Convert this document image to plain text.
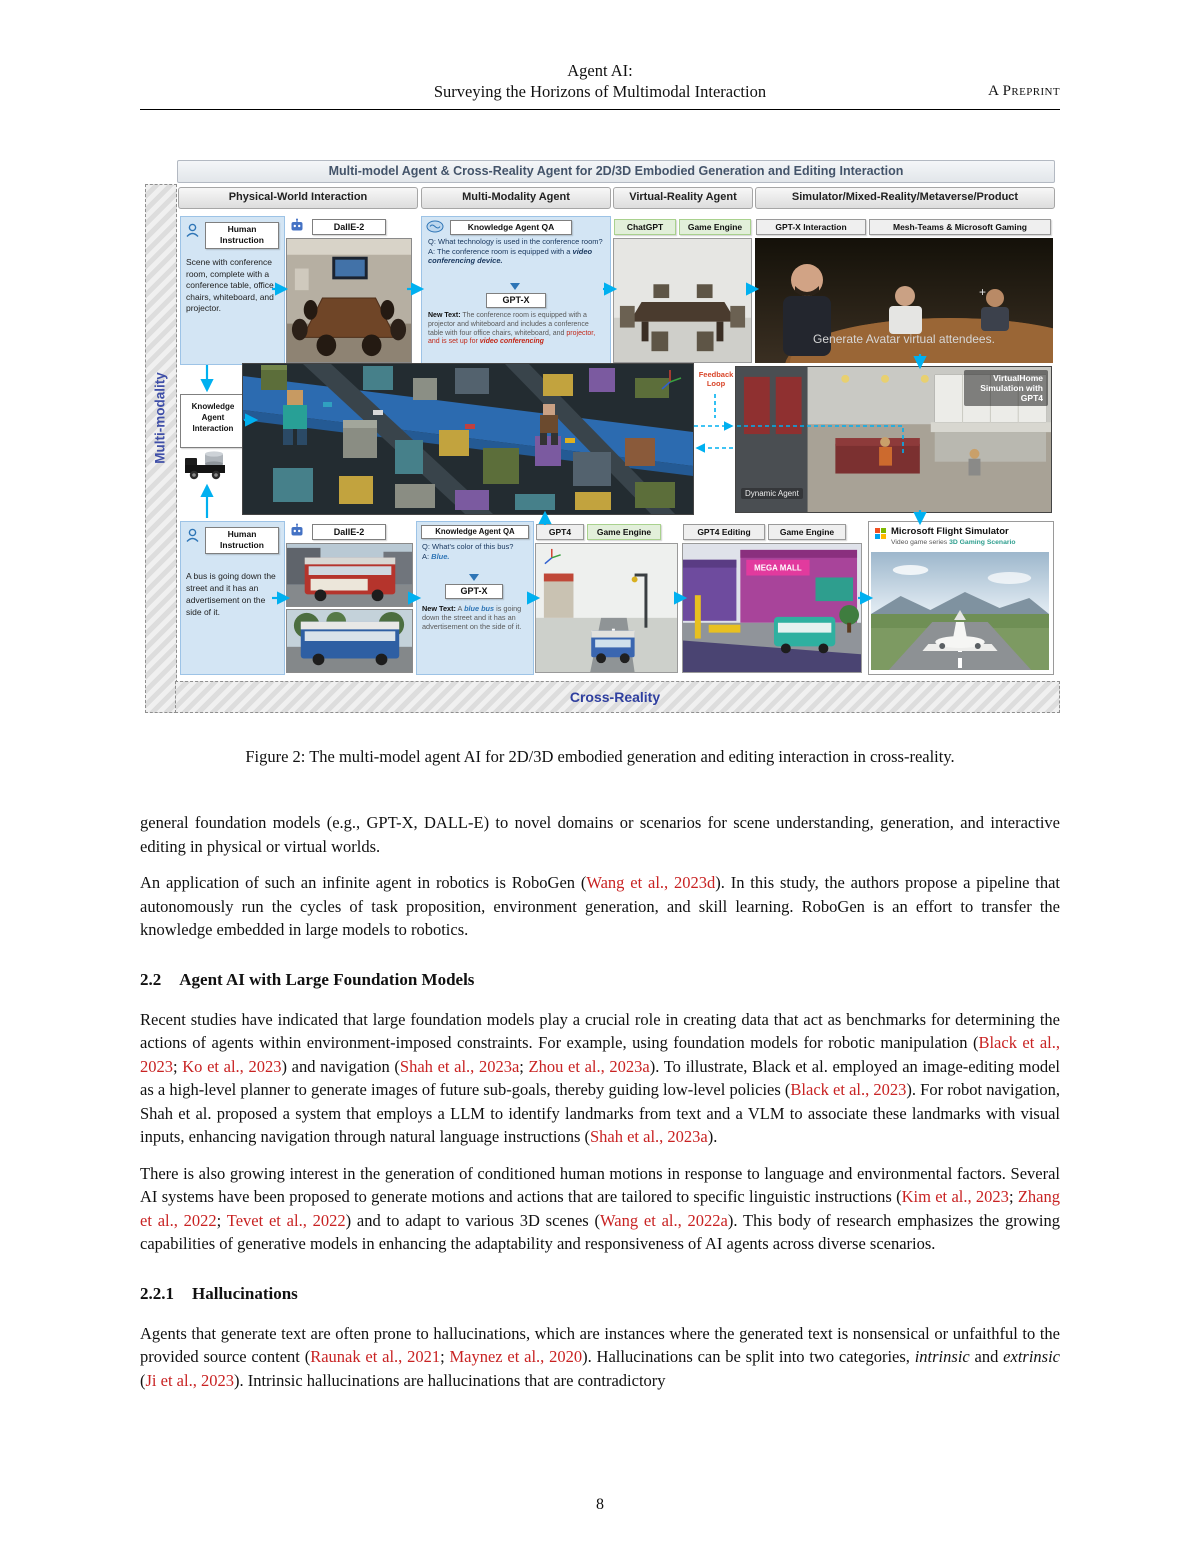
Agent AI:
Surveying the Horizons of Multimodal Interaction	A Preprint
Multi-modality
Cross-Reality
Multi-model Agent & Cross-Reality Agent for 2D/3D Embodied Generation and Editing Interaction
Physical-World Interaction	Multi-Modality Agent	Virtual-Reality Agent	Simulator/Mixed-Reality/Metaverse/Product
Human Instruction
Scene with conference room, complete with a conference table, office chairs, whiteboard, and projector.
DallE-2	Knowledge Agent QA
Q: What technology is used in the conference room?
A: The conference room is equipped with a video conferencing device.
GPT-X
New Text: The conference room is equipped with a projector and whiteboard and includes a conference table with four office chairs, whiteboard, and projector, and is set up for video conferencing
ChatGPT	Game Engine	GPT-X Interaction	Mesh-Teams & Microsoft Gaming
+
Generate Avatar virtual attendees.
Knowledge Agent Interaction
Feedback Loop
VirtualHome Simulation with GPT4
Dynamic Agent
Human Instruction
A bus is going down the street and it has an advertisement on the side of it.
DallE-2	Knowledge Agent QA
Q: What's color of this bus?
A: Blue.
GPT-X
New Text: A blue bus is going down the street and it has an advertisement on the side of it.
GPT4	Game Engine	GPT4 Editing	Game Engine
MEGA MALL
Microsoft Flight Simulator
Video game series 3D Gaming Scenario
Figure 2: The multi-model agent AI for 2D/3D embodied generation and editing interaction in cross-reality.

general foundation models (e.g., GPT-X, DALL-E) to novel domains or scenarios for scene understanding, generation, and interactive editing in physical or virtual worlds.

An application of such an infinite agent in robotics is RoboGen (Wang et al., 2023d). In this study, the authors propose a pipeline that autonomously run the cycles of task proposition, environment generation, and skill learning. RoboGen is an effort to transfer the knowledge embedded in large models to robotics.

2.2 Agent AI with Large Foundation Models

Recent studies have indicated that large foundation models play a crucial role in creating data that act as benchmarks for determining the actions of agents within environment-imposed constraints. For example, using foundation models for robotic manipulation (Black et al., 2023; Ko et al., 2023) and navigation (Shah et al., 2023a; Zhou et al., 2023a). To illustrate, Black et al. employed an image-editing model as a high-level planner to generate images of future sub-goals, thereby guiding low-level policies (Black et al., 2023). For robot navigation, Shah et al. proposed a system that employs a LLM to identify landmarks from text and a VLM to associate these landmarks with visual inputs, enhancing navigation through natural language instructions (Shah et al., 2023a).

There is also growing interest in the generation of conditioned human motions in response to language and environmental factors. Several AI systems have been proposed to generate motions and actions that are tailored to specific linguistic instructions (Kim et al., 2023; Zhang et al., 2022; Tevet et al., 2022) and to adapt to various 3D scenes (Wang et al., 2022a). This body of research emphasizes the growing capabilities of generative models in enhancing the adaptability and responsiveness of AI agents across diverse scenarios.

2.2.1 Hallucinations

Agents that generate text are often prone to hallucinations, which are instances where the generated text is nonsensical or unfaithful to the provided source content (Raunak et al., 2021; Maynez et al., 2020). Hallucinations can be split into two categories, intrinsic and extrinsic (Ji et al., 2023). Intrinsic hallucinations are hallucinations that are contradictory

8
